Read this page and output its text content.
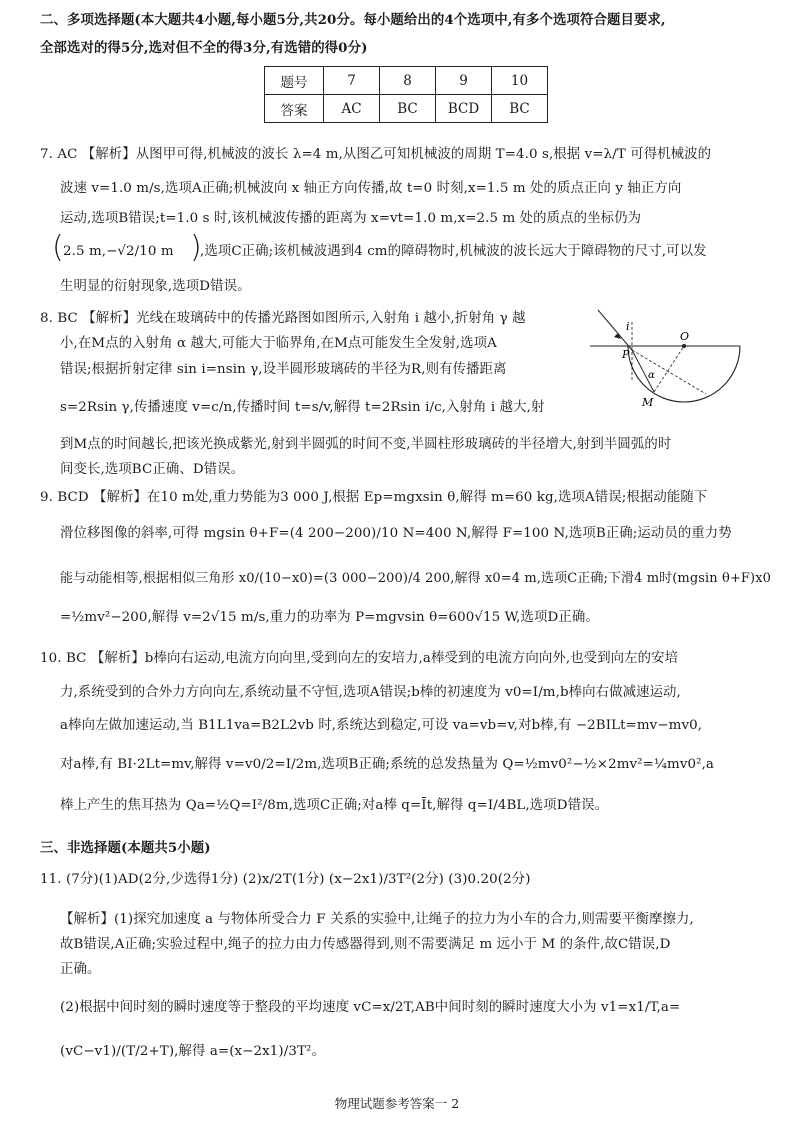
二、多项选择题(本大题共4小题,每小题5分,共20分。每小题给出的4个选项中,有多个选项符合题目要求,
全部选对的得5分,选对但不全的得3分,有选错的得0分)
题号	7	8	9	10
答案	AC	BC	BCD	BC
7. AC 【解析】从图甲可得,机械波的波长 λ=4 m,从图乙可知机械波的周期 T=4.0 s,根据 v=λ/T 可得机械波的
波速 v=1.0 m/s,选项A正确;机械波向 x 轴正方向传播,故 t=0 时刻,x=1.5 m 处的质点正向 y 轴正方向
运动,选项B错误;t=1.0 s 时,该机械波传播的距离为 x=vt=1.0 m,x=2.5 m 处的质点的坐标仍为
( 2.5 m,−√2/10 m )
,选项C正确;该机械波遇到4 cm的障碍物时,机械波的波长远大于障碍物的尺寸,可以发
生明显的衍射现象,选项D错误。
8. BC 【解析】光线在玻璃砖中的传播光路图如图所示,入射角 i 越小,折射角 γ 越
小,在M点的入射角 α 越大,可能大于临界角,在M点可能发生全发射,选项A
错误;根据折射定律 sin i=nsin γ,设半圆形玻璃砖的半径为R,则有传播距离
s=2Rsin γ,传播速度 v=c/n,传播时间 t=s/v,解得 t=2Rsin i/c,入射角 i 越大,射
到M点的时间越长,把该光换成紫光,射到半圆弧的时间不变,半圆柱形玻璃砖的半径增大,射到半圆弧的时
间变长,选项BC正确、D错误。
i
O
P
α
M
9. BCD 【解析】在10 m处,重力势能为3 000 J,根据 Ep=mgxsin θ,解得 m=60 kg,选项A错误;根据动能随下
滑位移图像的斜率,可得 mgsin θ+F=(4 200−200)/10 N=400 N,解得 F=100 N,选项B正确;运动员的重力势
能与动能相等,根据相似三角形 x0/(10−x0)=(3 000−200)/4 200,解得 x0=4 m,选项C正确;下滑4 m时(mgsin θ+F)x0
=½mv²−200,解得 v=2√15 m/s,重力的功率为 P=mgvsin θ=600√15 W,选项D正确。
10. BC 【解析】b棒向右运动,电流方向向里,受到向左的安培力,a棒受到的电流方向向外,也受到向左的安培
力,系统受到的合外力方向向左,系统动量不守恒,选项A错误;b棒的初速度为 v0=I/m,b棒向右做减速运动,
a棒向左做加速运动,当 B1L1va=B2L2vb 时,系统达到稳定,可设 va=vb=v,对b棒,有 −2BILt=mv−mv0,
对a棒,有 BI·2Lt=mv,解得 v=v0/2=I/2m,选项B正确;系统的总发热量为 Q=½mv0²−½×2mv²=¼mv0²,a
棒上产生的焦耳热为 Qa=½Q=I²/8m,选项C正确;对a棒 q=Īt,解得 q=I/4BL,选项D错误。
三、非选择题(本题共5小题)
11. (7分)(1)AD(2分,少选得1分) (2)x/2T(1分) (x−2x1)/3T²(2分) (3)0.20(2分)
【解析】(1)探究加速度 a 与物体所受合力 F 关系的实验中,让绳子的拉力为小车的合力,则需要平衡摩擦力,
故B错误,A正确;实验过程中,绳子的拉力由力传感器得到,则不需要满足 m 远小于 M 的条件,故C错误,D
正确。
(2)根据中间时刻的瞬时速度等于整段的平均速度 vC=x/2T,AB中间时刻的瞬时速度大小为 v1=x1/T,a=
(vC−v1)/(T/2+T),解得 a=(x−2x1)/3T²。
物理试题参考答案一 2
